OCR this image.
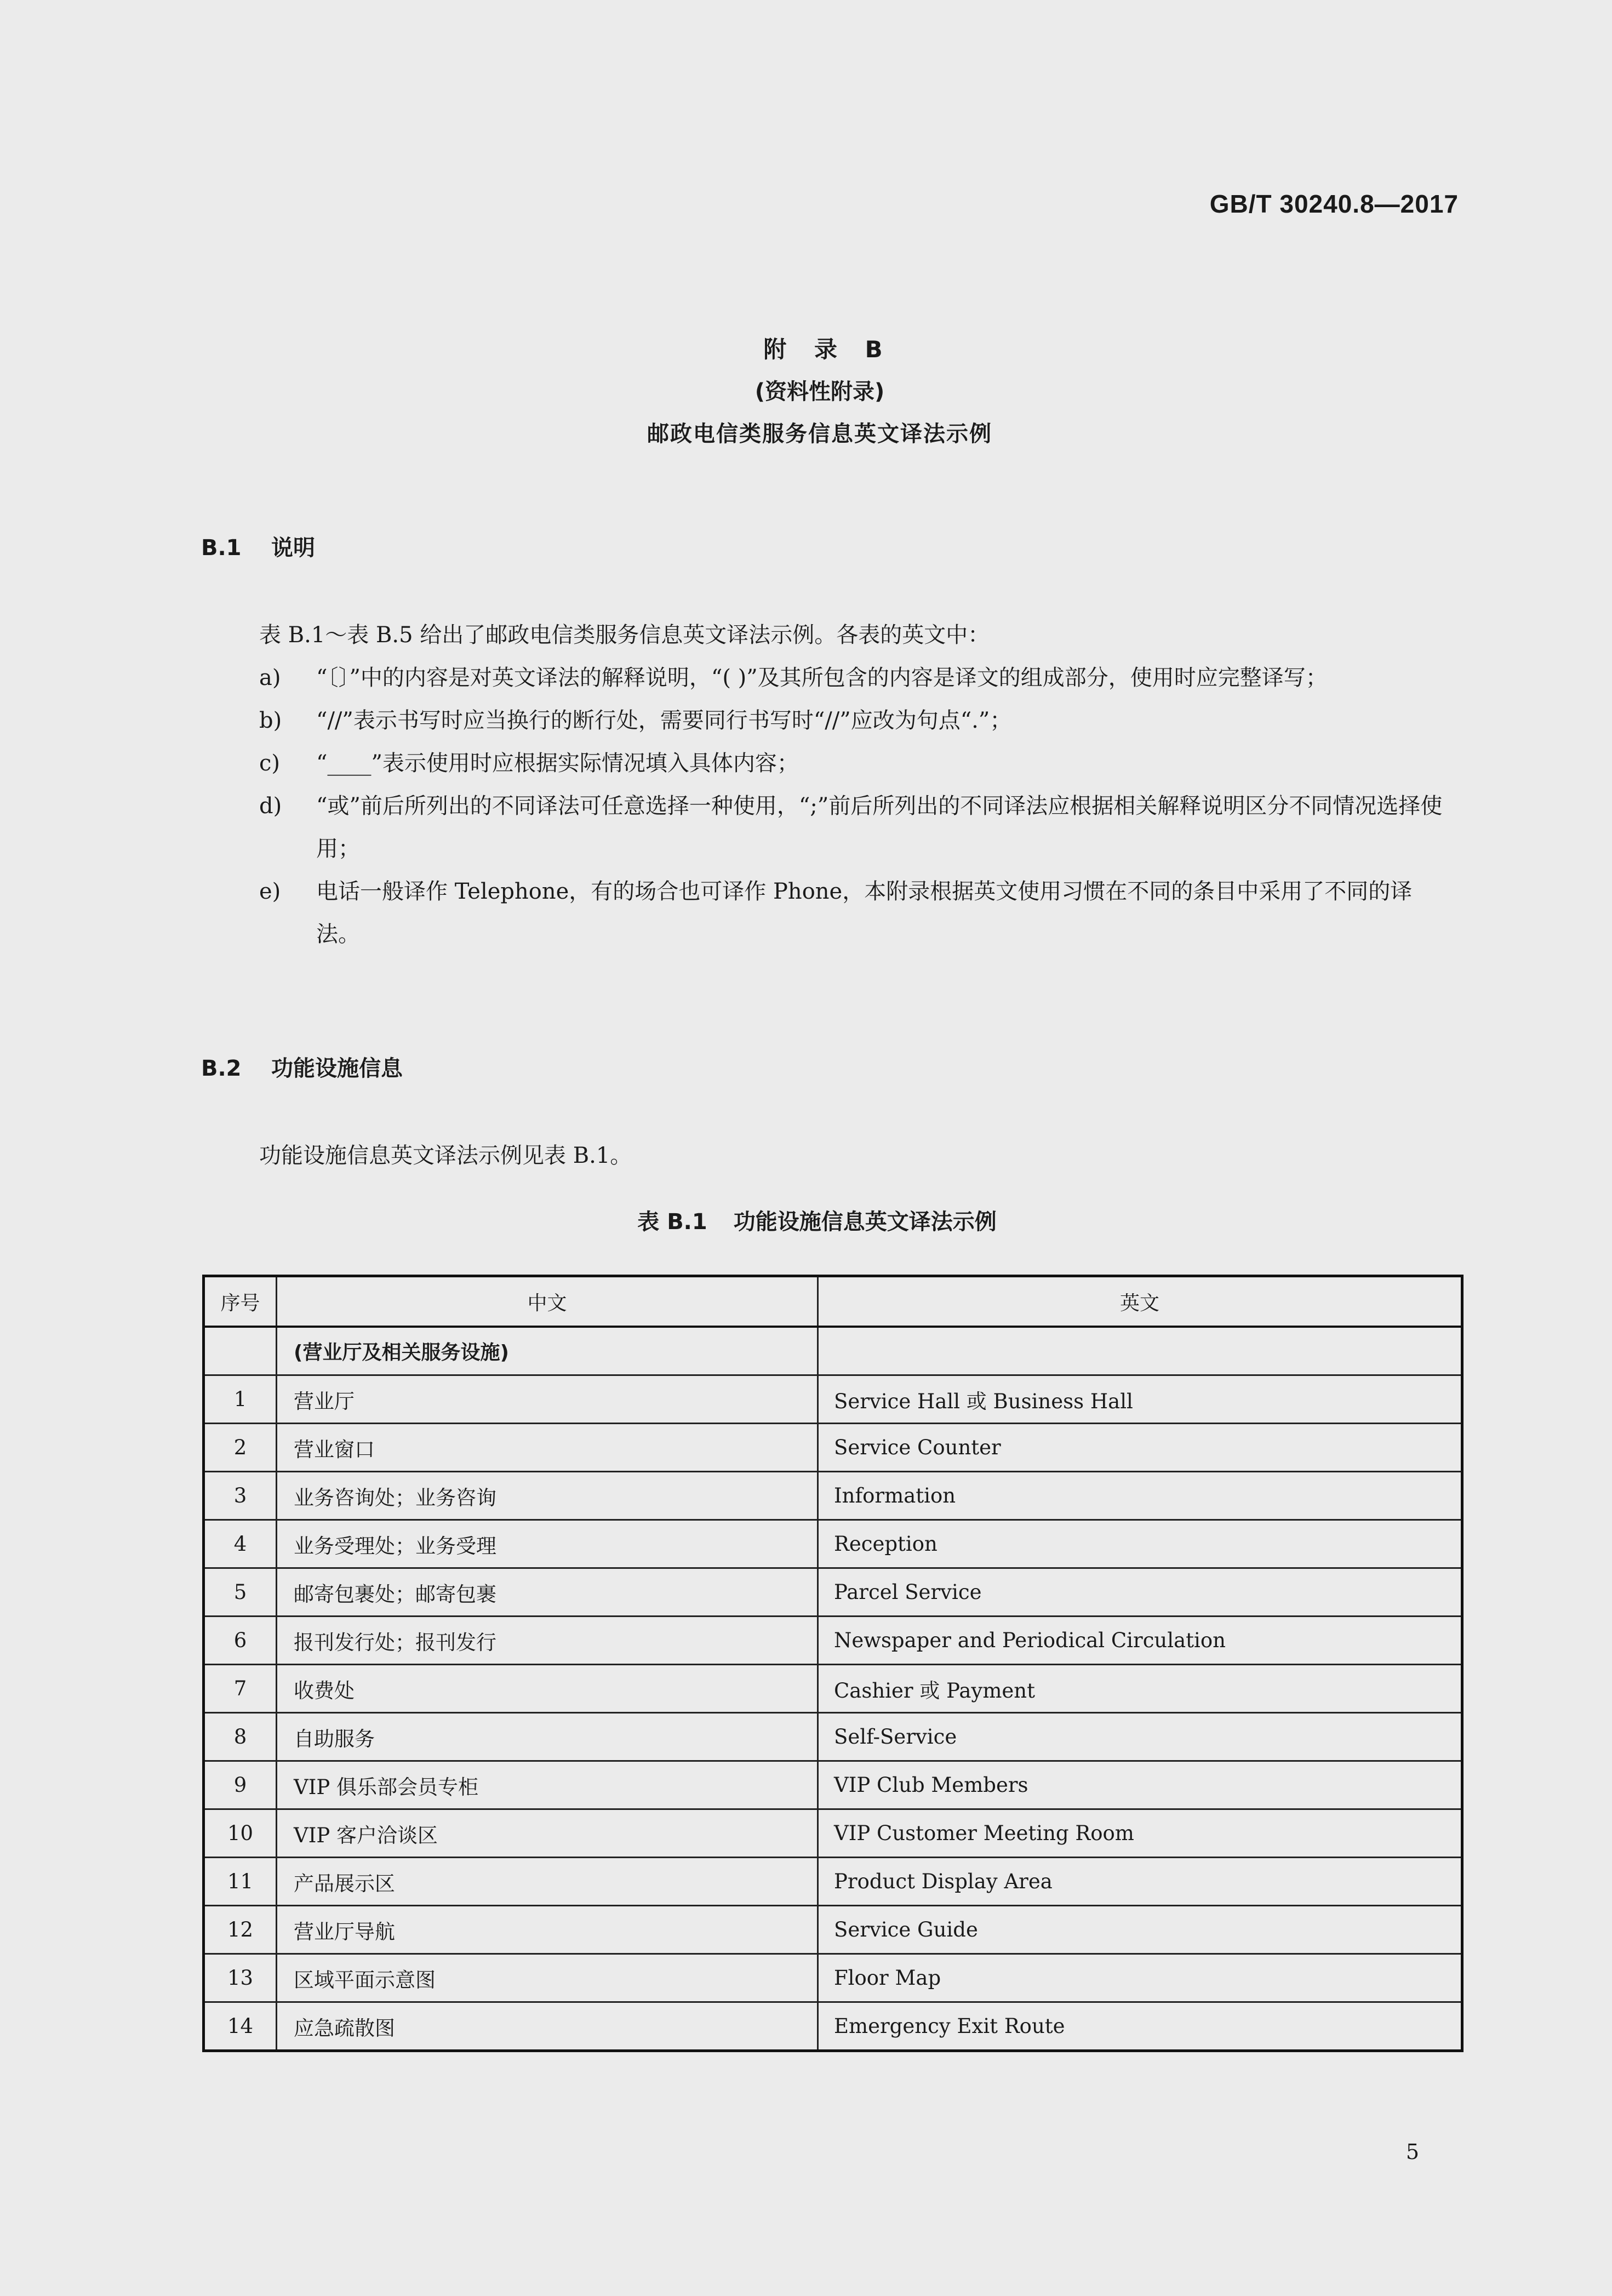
GB/T 30240.8—2017
附 录 B
(资料性附录)
邮政电信类服务信息英文译法示例
B.1 说明
表 B.1～表 B.5 给出了邮政电信类服务信息英文译法示例。各表的英文中：
a)	“〔〕”中的内容是对英文译法的解释说明，“( )”及其所包含的内容是译文的组成部分，使用时应完整译写；
b)	“//”表示书写时应当换行的断行处，需要同行书写时“//”应改为句点“.”；
c)	“____”表示使用时应根据实际情况填入具体内容；
d)	“或”前后所列出的不同译法可任意选择一种使用，“;”前后所列出的不同译法应根据相关解释说明区分不同情况选择使用；
e)	电话一般译作 Telephone，有的场合也可译作 Phone，本附录根据英文使用习惯在不同的条目中采用了不同的译法。
B.2 功能设施信息
功能设施信息英文译法示例见表 B.1。
表 B.1 功能设施信息英文译法示例
序号	中文	英文
	(营业厅及相关服务设施)	
1	营业厅	Service Hall 或 Business Hall
2	营业窗口	Service Counter
3	业务咨询处；业务咨询	Information
4	业务受理处；业务受理	Reception
5	邮寄包裹处；邮寄包裹	Parcel Service
6	报刊发行处；报刊发行	Newspaper and Periodical Circulation
7	收费处	Cashier 或 Payment
8	自助服务	Self-Service
9	VIP 俱乐部会员专柜	VIP Club Members
10	VIP 客户洽谈区	VIP Customer Meeting Room
11	产品展示区	Product Display Area
12	营业厅导航	Service Guide
13	区域平面示意图	Floor Map
14	应急疏散图	Emergency Exit Route
5
